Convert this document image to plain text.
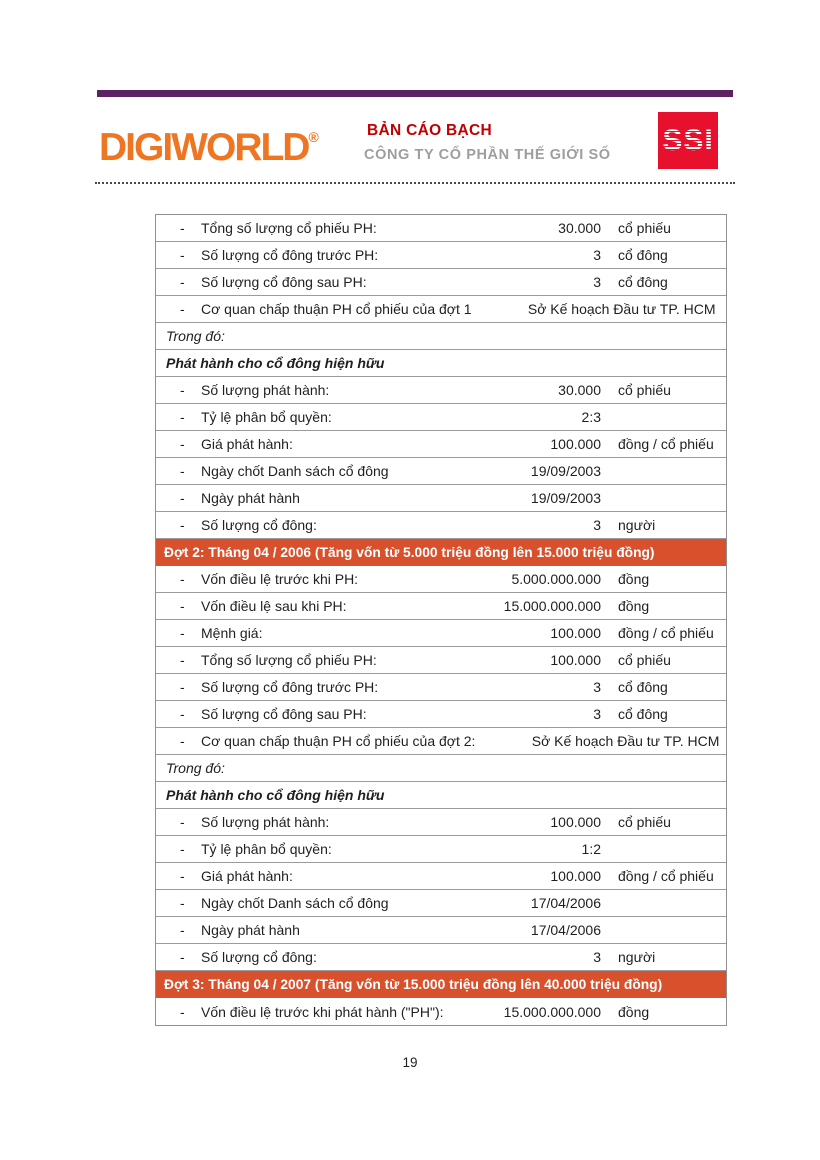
DIGIWORLD®	BẢN CÁO BẠCH
CÔNG TY CỔ PHẦN THẾ GIỚI SỐ SSI
-	Tổng số lượng cổ phiếu PH:	30.000	cổ phiếu
-	Số lượng cổ đông trước PH:	3	cổ đông
-	Số lượng cổ đông sau PH:	3	cổ đông
-	Cơ quan chấp thuận PH cổ phiếu của đợt 1	Sở Kế hoạch Đầu tư TP. HCM
Trong đó:
Phát hành cho cổ đông hiện hữu
-	Số lượng phát hành:	30.000	cổ phiếu
-	Tỷ lệ phân bổ quyền:	2:3
-	Giá phát hành:	100.000	đồng / cổ phiếu
-	Ngày chốt Danh sách cổ đông	19/09/2003
-	Ngày phát hành	19/09/2003
-	Số lượng cổ đông:	3	người
Đợt 2: Tháng 04 / 2006 (Tăng vốn từ 5.000 triệu đồng lên 15.000 triệu đồng)
-	Vốn điều lệ trước khi PH:	5.000.000.000	đồng
-	Vốn điều lệ sau khi PH:	15.000.000.000	đồng
-	Mệnh giá:	100.000	đồng / cổ phiếu
-	Tổng số lượng cổ phiếu PH:	100.000	cổ phiếu
-	Số lượng cổ đông trước PH:	3	cổ đông
-	Số lượng cổ đông sau PH:	3	cổ đông
-	Cơ quan chấp thuận PH cổ phiếu của đợt 2:	Sở Kế hoạch Đầu tư TP. HCM
Trong đó:
Phát hành cho cổ đông hiện hữu
-	Số lượng phát hành:	100.000	cổ phiếu
-	Tỷ lệ phân bổ quyền:	1:2
-	Giá phát hành:	100.000	đồng / cổ phiếu
-	Ngày chốt Danh sách cổ đông	17/04/2006
-	Ngày phát hành	17/04/2006
-	Số lượng cổ đông:	3	người
Đợt 3: Tháng 04 / 2007 (Tăng vốn từ 15.000 triệu đồng lên 40.000 triệu đồng)
-	Vốn điều lệ trước khi phát hành ("PH"):	15.000.000.000	đồng
19
